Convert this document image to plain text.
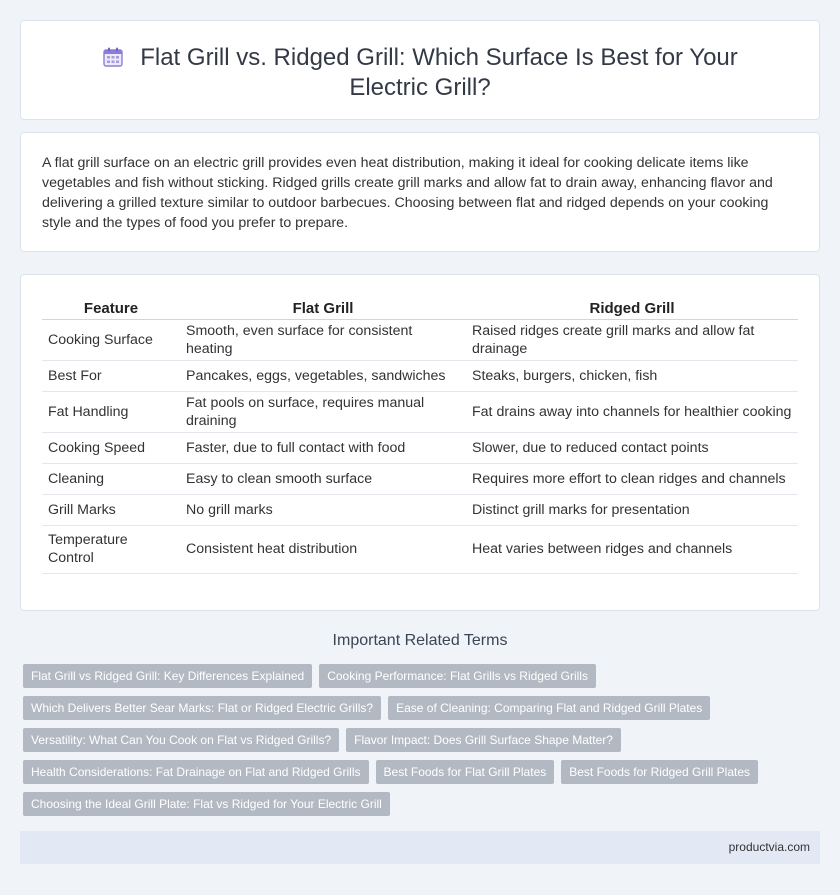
Flat Grill vs. Ridged Grill: Which Surface Is Best for Your Electric Grill?

A flat grill surface on an electric grill provides even heat distribution, making it ideal for cooking delicate items like vegetables and fish without sticking. Ridged grills create grill marks and allow fat to drain away, enhancing flavor and delivering a grilled texture similar to outdoor barbecues. Choosing between flat and ridged depends on your cooking style and the types of food you prefer to prepare.

Feature	Flat Grill	Ridged Grill
Cooking Surface	Smooth, even surface for consistent heating	Raised ridges create grill marks and allow fat drainage
Best For	Pancakes, eggs, vegetables, sandwiches	Steaks, burgers, chicken, fish
Fat Handling	Fat pools on surface, requires manual draining	Fat drains away into channels for healthier cooking
Cooking Speed	Faster, due to full contact with food	Slower, due to reduced contact points
Cleaning	Easy to clean smooth surface	Requires more effort to clean ridges and channels
Grill Marks	No grill marks	Distinct grill marks for presentation
Temperature Control	Consistent heat distribution	Heat varies between ridges and channels
Important Related Terms
Flat Grill vs Ridged Grill: Key Differences Explained Cooking Performance: Flat Grills vs Ridged Grills
Which Delivers Better Sear Marks: Flat or Ridged Electric Grills? Ease of Cleaning: Comparing Flat and Ridged Grill Plates
Versatility: What Can You Cook on Flat vs Ridged Grills? Flavor Impact: Does Grill Surface Shape Matter?
Health Considerations: Fat Drainage on Flat and Ridged Grills Best Foods for Flat Grill Plates Best Foods for Ridged Grill Plates
Choosing the Ideal Grill Plate: Flat vs Ridged for Your Electric Grill
productvia.com
